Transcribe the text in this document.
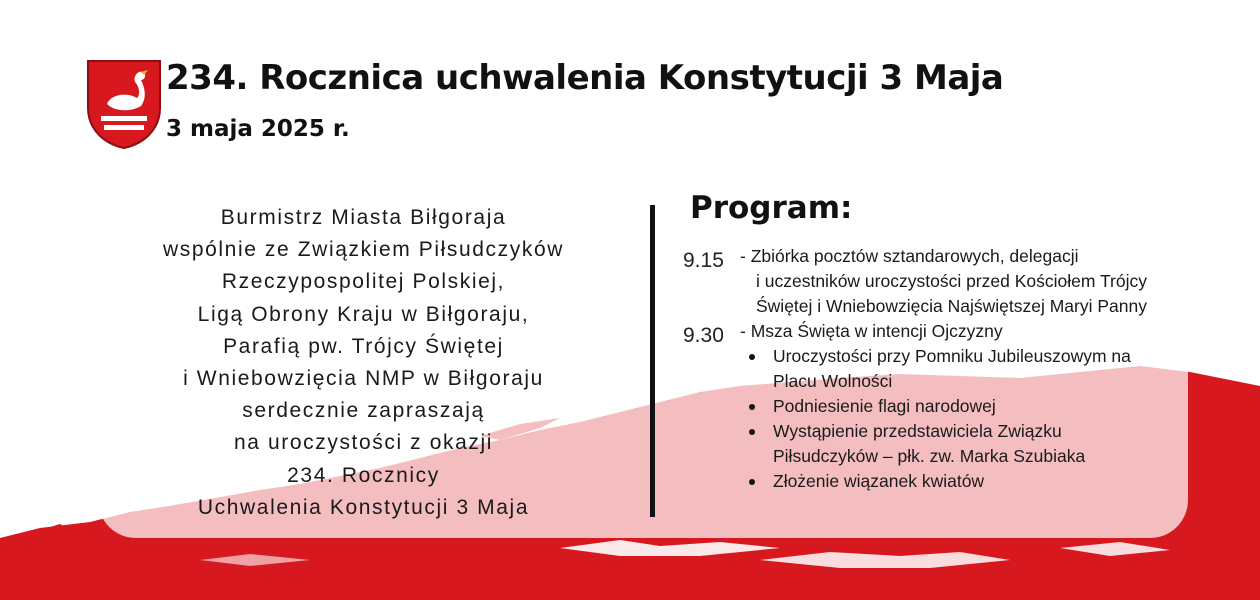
234. Rocznica uchwalenia Konstytucji 3 Maja
3 maja 2025 r.
Burmistrz Miasta Biłgoraja
wspólnie ze Związkiem Piłsudczyków
Rzeczypospolitej Polskiej,
Ligą Obrony Kraju w Biłgoraju,
Parafią pw. Trójcy Świętej
i Wniebowzięcia NMP w Biłgoraju
serdecznie zapraszają
na uroczystości z okazji
234. Rocznicy
Uchwalenia Konstytucji 3 Maja
Program:
9.15 - Zbiórka pocztów sztandarowych, delegacji
i uczestników uroczystości przed Kościołem Trójcy
Świętej i Wniebowzięcia Najświętszej Maryi Panny
9.30 - Msza Święta w intencji Ojczyzny
Uroczystości przy Pomniku Jubileuszowym na
Placu Wolności
Podniesienie flagi narodowej
Wystąpienie przedstawiciela Związku
Piłsudczyków – płk. zw. Marka Szubiaka
Złożenie wiązanek kwiatów
